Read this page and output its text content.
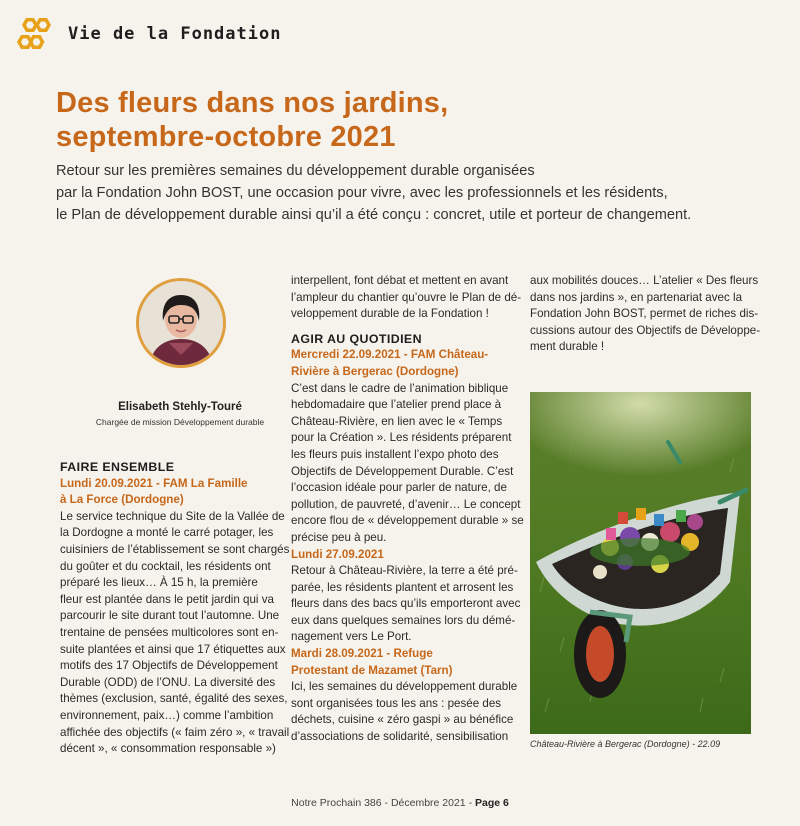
Vie de la Fondation
Des fleurs dans nos jardins,
septembre-octobre 2021
Retour sur les premières semaines du développement durable organisées
par la Fondation John BOST, une occasion pour vivre, avec les professionnels et les résidents,
le Plan de développement durable ainsi qu’il a été conçu : concret, utile et porteur de changement.
Elisabeth Stehly-Touré
Chargée de mission Développement durable
FAIRE ENSEMBLE
Lundi 20.09.2021 - FAM La Famille
à La Force (Dordogne)
Le service technique du Site de la Vallée de
la Dordogne a monté le carré potager, les
cuisiniers de l’établissement se sont chargés
du goûter et du cocktail, les résidents ont
préparé les lieux… À 15 h, la première
fleur est plantée dans le petit jardin qui va
parcourir le site durant tout l’automne. Une
trentaine de pensées multicolores sont en-
suite plantées et ainsi que 17 étiquettes aux
motifs des 17 Objectifs de Développement
Durable (ODD) de l’ONU. La diversité des
thèmes (exclusion, santé, égalité des sexes,
environnement, paix…) comme l’ambition
affichée des objectifs (« faim zéro », « travail
décent », « consommation responsable »)
interpellent, font débat et mettent en avant
l’ampleur du chantier qu’ouvre le Plan de dé-
veloppement durable de la Fondation !
AGIR AU QUOTIDIEN
Mercredi 22.09.2021 - FAM Château-
Rivière à Bergerac (Dordogne)
C’est dans le cadre de l’animation biblique
hebdomadaire que l’atelier prend place à
Château-Rivière, en lien avec le « Temps
pour la Création ». Les résidents préparent
les fleurs puis installent l’expo photo des
Objectifs de Développement Durable. C’est
l’occasion idéale pour parler de nature, de
pollution, de pauvreté, d’avenir… Le concept
encore flou de « développement durable » se
précise peu à peu.
Lundi 27.09.2021
Retour à Château-Rivière, la terre a été pré-
parée, les résidents plantent et arrosent les
fleurs dans des bacs qu’ils emporteront avec
eux dans quelques semaines lors du démé-
nagement vers Le Port.
Mardi 28.09.2021 - Refuge
Protestant de Mazamet (Tarn)
Ici, les semaines du développement durable
sont organisées tous les ans : pesée des
déchets, cuisine « zéro gaspi » au bénéfice
d’associations de solidarité, sensibilisation
aux mobilités douces… L’atelier « Des fleurs
dans nos jardins », en partenariat avec la
Fondation John BOST, permet de riches dis-
cussions autour des Objectifs de Développe-
ment durable !
Château-Rivière à Bergerac (Dordogne) - 22.09
Notre Prochain 386 - Décembre 2021 - Page 6
